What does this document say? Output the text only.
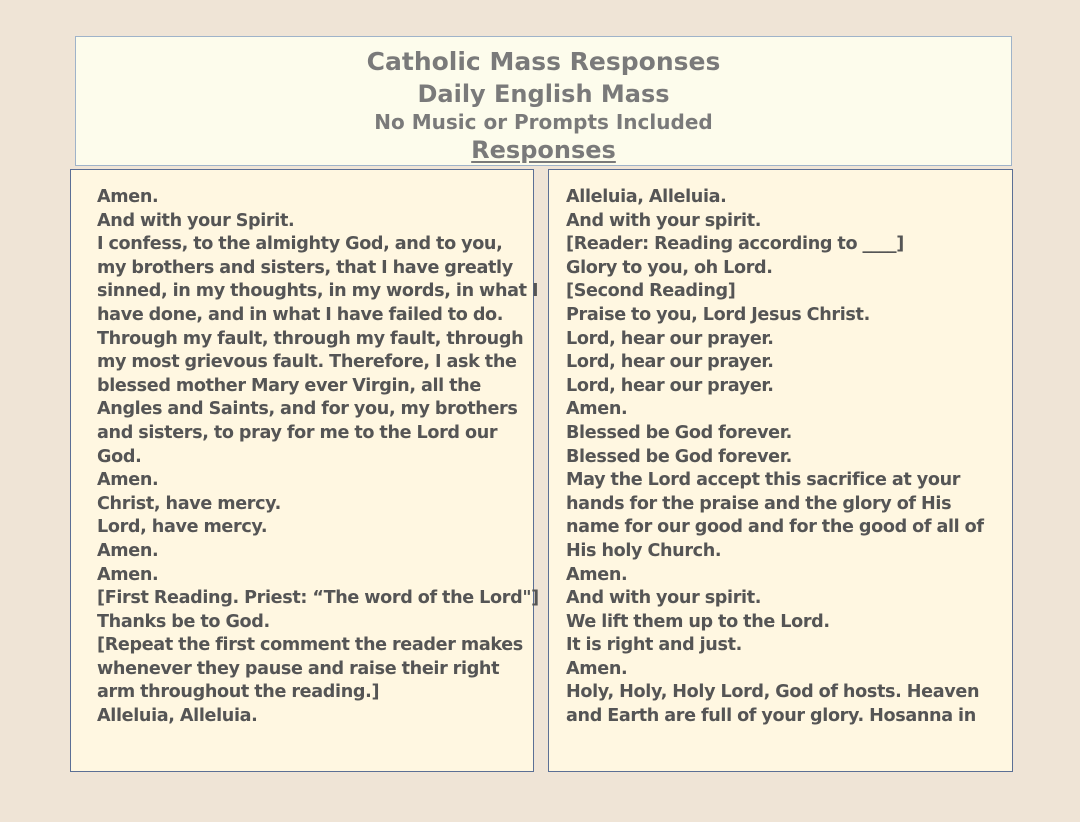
Catholic Mass Responses
Daily English Mass
No Music or Prompts Included
Responses
Amen.
And with your Spirit.
I confess, to the almighty God, and to you,
my brothers and sisters, that I have greatly
sinned, in my thoughts, in my words, in what I
have done, and in what I have failed to do.
Through my fault, through my fault, through
my most grievous fault. Therefore, I ask the
blessed mother Mary ever Virgin, all the
Angles and Saints, and for you, my brothers
and sisters, to pray for me to the Lord our
God.
Amen.
Christ, have mercy.
Lord, have mercy.
Amen.
Amen.
[First Reading. Priest: “The word of the Lord"]
Thanks be to God.
[Repeat the first comment the reader makes
whenever they pause and raise their right
arm throughout the reading.]
Alleluia, Alleluia.
Alleluia, Alleluia.
And with your spirit.
[Reader: Reading according to ____]
Glory to you, oh Lord.
[Second Reading]
Praise to you, Lord Jesus Christ.
Lord, hear our prayer.
Lord, hear our prayer.
Lord, hear our prayer.
Amen.
Blessed be God forever.
Blessed be God forever.
May the Lord accept this sacrifice at your
hands for the praise and the glory of His
name for our good and for the good of all of
His holy Church.
Amen.
And with your spirit.
We lift them up to the Lord.
It is right and just.
Amen.
Holy, Holy, Holy Lord, God of hosts. Heaven
and Earth are full of your glory. Hosanna in
